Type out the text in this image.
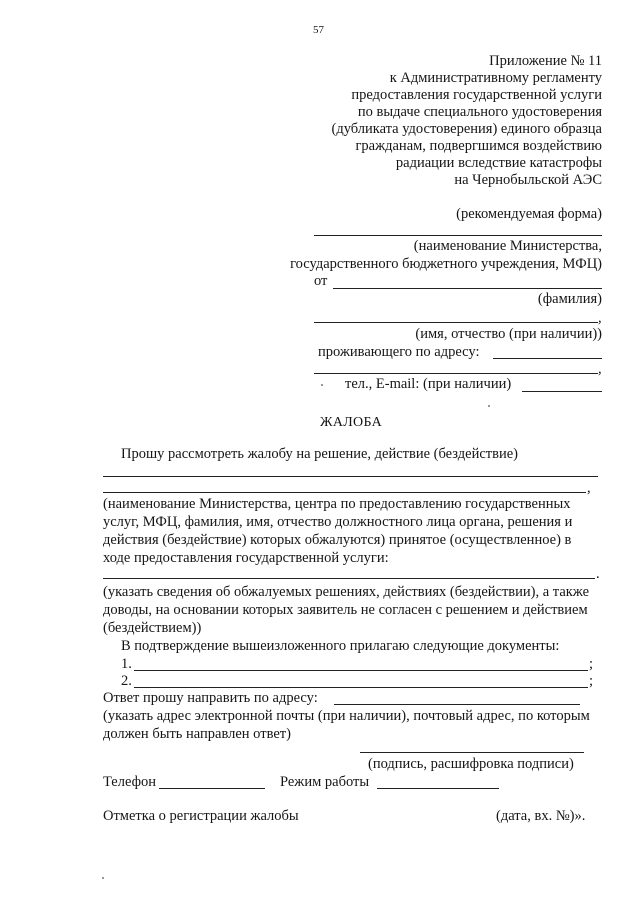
57
Приложение № 11
к Административному регламенту
предоставления государственной услуги
по выдаче специального удостоверения
(дубликата удостоверения) единого образца
гражданам, подвергшимся воздействию
радиации вследствие катастрофы
на Чернобыльской АЭС
(рекомендуемая форма)
(наименование Министерства,
государственного бюджетного учреждения, МФЦ)
от
(фамилия)
,
(имя, отчество (при наличии))
проживающего по адресу:
,
тел., E-mail: (при наличии)
ЖАЛОБА
Прошу рассмотреть жалобу на решение, действие (бездействие)
,
(наименование Министерства, центра по предоставлению государственных
услуг, МФЦ, фамилия, имя, отчество должностного лица органа, решения и
действия (бездействие) которых обжалуются) принятое (осуществленное) в
ходе предоставления государственной услуги:
.
(указать сведения об обжалуемых решениях, действиях (бездействии), а также
доводы, на основании которых заявитель не согласен с решением и действием
(бездействием))
В подтверждение вышеизложенного прилагаю следующие документы:
1.	;
2.	;
Ответ прошу направить по адресу:
(указать адрес электронной почты (при наличии), почтовый адрес, по которым
должен быть направлен ответ)
(подпись, расшифровка подписи)
Телефон	Режим работы
Отметка о регистрации жалобы	(дата, вх. №)».
